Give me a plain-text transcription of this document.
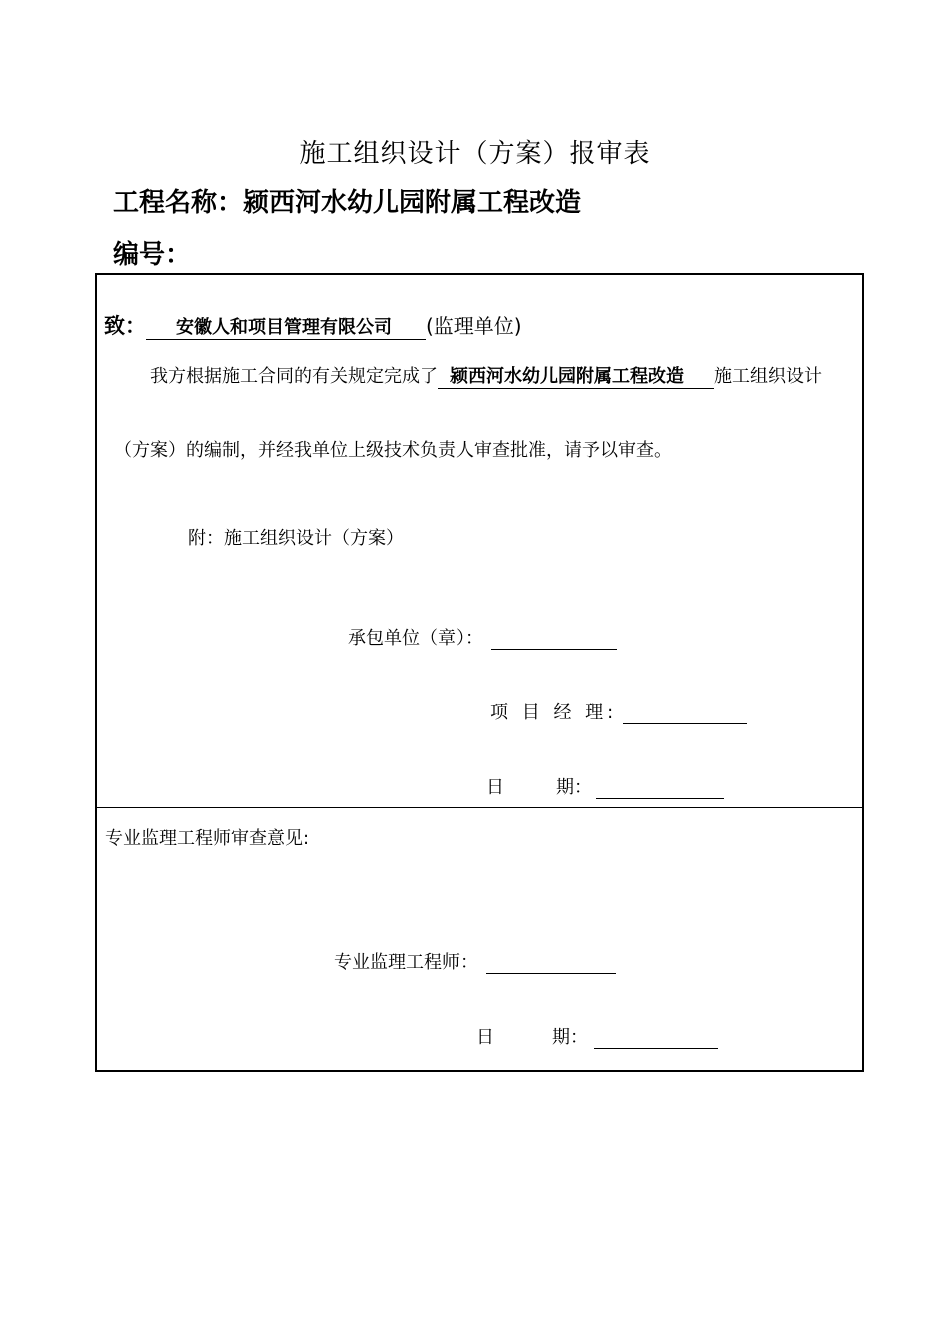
施工组织设计（方案）报审表
工程名称：颍西河水幼儿园附属工程改造
编号：
致： 安徽人和项目管理有限公司 (监理单位)
我方根据施工合同的有关规定完成了 颍西河水幼儿园附属工程改造 施工组织设计
（方案）的编制，并经我单位上级技术负责人审查批准，请予以审查。
附：施工组织设计（方案）
承包单位（章）：
项 目 经 理:
日	期：
专业监理工程师审查意见:
专业监理工程师：
日	期：
